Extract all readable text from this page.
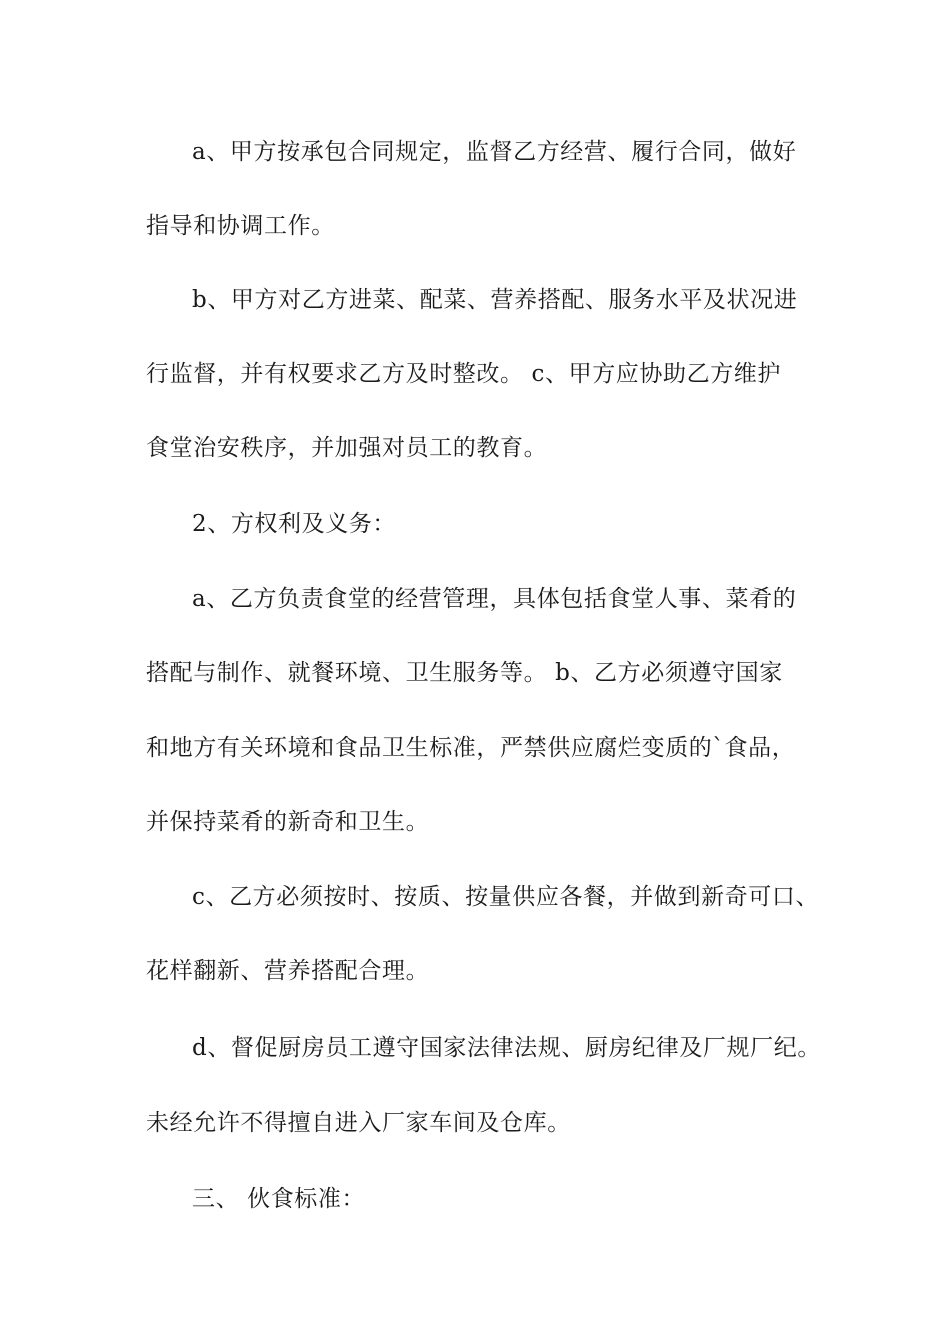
a、甲方按承包合同规定，监督乙方经营、履行合同，做好
指导和协调工作。
b、甲方对乙方进菜、配菜、营养搭配、服务水平及状况进
行监督，并有权要求乙方及时整改。 c、甲方应协助乙方维护
食堂治安秩序，并加强对员工的教育。
2、方权利及义务：
a、乙方负责食堂的经营管理，具体包括食堂人事、菜肴的
搭配与制作、就餐环境、卫生服务等。 b、乙方必须遵守国家
和地方有关环境和食品卫生标准，严禁供应腐烂变质的`食品，
并保持菜肴的新奇和卫生。
c、乙方必须按时、按质、按量供应各餐，并做到新奇可口、
花样翻新、营养搭配合理。
d、督促厨房员工遵守国家法律法规、厨房纪律及厂规厂纪。
未经允许不得擅自进入厂家车间及仓库。
三、 伙食标准：
